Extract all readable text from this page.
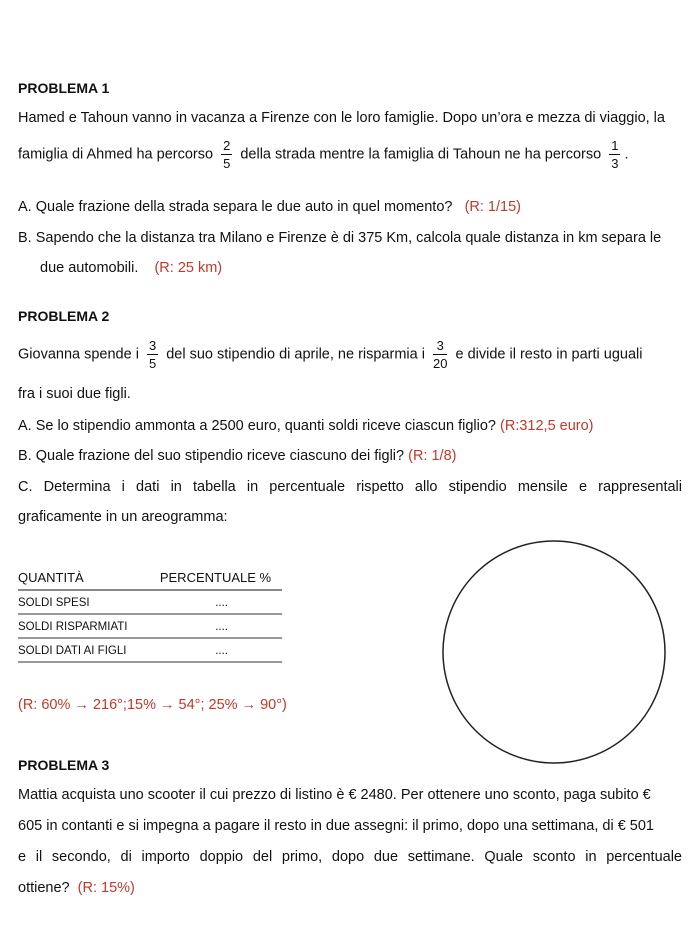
PROBLEMA 1
Hamed e Tahoun vanno in vacanza a Firenze con le loro famiglie. Dopo un’ora e mezza di viaggio, la
famiglia di Ahmed ha percorso $\frac{2}{5}$ della strada mentre la famiglia di Tahoun ne ha percorso $\frac{1}{3}$ .
A. Quale frazione della strada separa le due auto in quel momento? (R: 1/15)
B. Sapendo che la distanza tra Milano e Firenze è di 375 Km, calcola quale distanza in km separa le
due automobili. (R: 25 km)
PROBLEMA 2
Giovanna spende i $\frac{3}{5}$ del suo stipendio di aprile, ne risparmia i $\frac{3}{20}$ e divide il resto in parti uguali
fra i suoi due figli.
A. Se lo stipendio ammonta a 2500 euro, quanti soldi riceve ciascun figlio? (R:312,5 euro)
B. Quale frazione del suo stipendio riceve ciascuno dei figli? (R: 1/8)
C. Determina i dati in tabella in percentuale rispetto allo stipendio mensile e rappresentali
graficamente in un areogramma:
QUANTITÀ	PERCENTUALE %
SOLDI SPESI	....
SOLDI RISPARMIATI	....
SOLDI DATI AI FIGLI	....
(R: 60% → 216°;15% → 54°; 25% → 90°)
PROBLEMA 3
Mattia acquista uno scooter il cui prezzo di listino è € 2480. Per ottenere uno sconto, paga subito €
605 in contanti e si impegna a pagare il resto in due assegni: il primo, dopo una settimana, di € 501
e il secondo, di importo doppio del primo, dopo due settimane. Quale sconto in percentuale
ottiene? (R: 15%)
